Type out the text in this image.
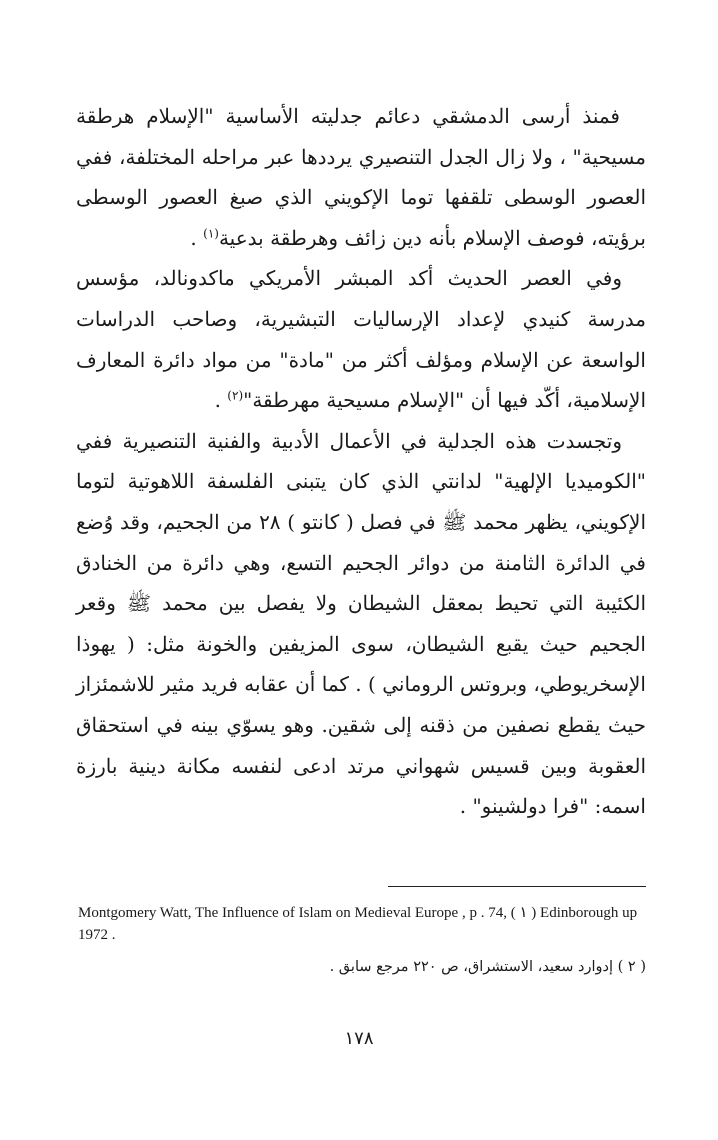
فمنذ أرسى الدمشقي دعائم جدليته الأساسية "الإسلام هرطقة مسيحية" ، ولا زال الجدل التنصيري يرددها عبر مراحله المختلفة، ففي العصور الوسطى تلقفها توما الإكويني الذي صبغ العصور الوسطى برؤيته، فوصف الإسلام بأنه دين زائف وهرطقة بدعية$^{(١)}$ .

وفي العصر الحديث أكد المبشر الأمريكي ماكدونالد، مؤسس مدرسة كنيدي لإعداد الإرساليات التبشيرية، وصاحب الدراسات الواسعة عن الإسلام ومؤلف أكثر من "مادة" من مواد دائرة المعارف الإسلامية، أكّد فيها أن "الإسلام مسيحية مهرطقة"$^{(٢)}$ .

وتجسدت هذه الجدلية في الأعمال الأدبية والفنية التنصيرية ففي "الكوميديا الإلهية" لدانتي الذي كان يتبنى الفلسفة اللاهوتية لتوما الإكويني، يظهر محمد ﷺ في فصل ( كانتو ) ٢٨ من الجحيم، وقد وُضع في الدائرة الثامنة من دوائر الجحيم التسع، وهي دائرة من الخنادق الكئيبة التي تحيط بمعقل الشيطان ولا يفصل بين محمد ﷺ وقعر الجحيم حيث يقبع الشيطان، سوى المزيفين والخونة مثل: ( يهوذا الإسخريوطي، وبروتس الروماني ) . كما أن عقابه فريد مثير للاشمئزاز حيث يقطع نصفين من ذقنه إلى شقين. وهو يسوّي بينه في استحقاق العقوبة وبين قسيس شهواني مرتد ادعى لنفسه مكانة دينية بارزة اسمه: "فرا دولشينو" .

Montgomery Watt, The Influence of Islam on Medieval Europe , p . 74, ( ١ ) Edinborough up 1972 .
( ٢ ) إدوارد سعيد، الاستشراق، ص ٢٢٠ مرجع سابق .
١٧٨
